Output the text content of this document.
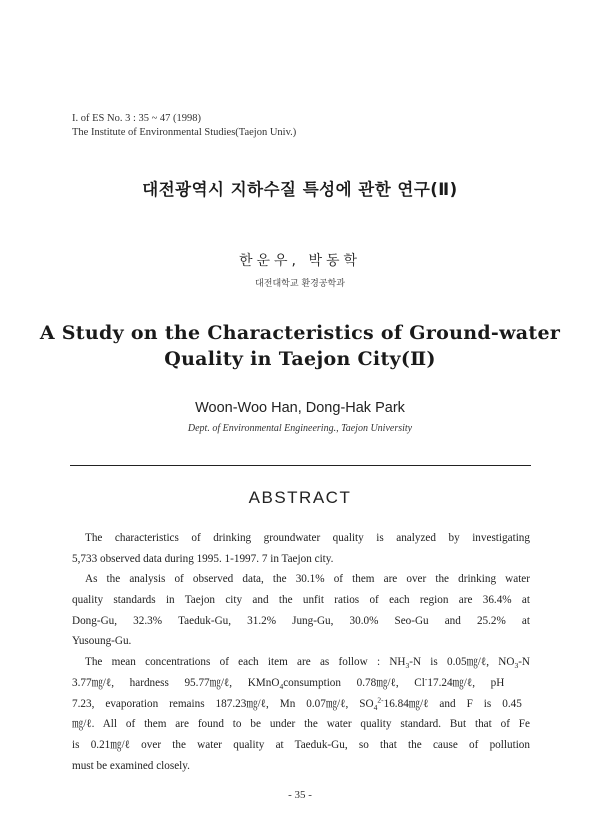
I. of ES No. 3 : 35 ~ 47 (1998)
The Institute of Environmental Studies(Taejon Univ.)
대전광역시 지하수질 특성에 관한 연구(Ⅱ)
한운우, 박동학
대전대학교 환경공학과
A Study on the Characteristics of Ground-water
Quality in Taejon City(Ⅱ)
Woon-Woo Han, Dong-Hak Park
Dept. of Environmental Engineering., Taejon University
ABSTRACT
The characteristics of drinking groundwater quality is analyzed by investigating
5,733 observed data during 1995. 1-1997. 7 in Taejon city.
As the analysis of observed data, the 30.1% of them are over the drinking water
quality standards in Taejon city and the unfit ratios of each region are 36.4% at
Dong-Gu, 32.3% Taeduk-Gu, 31.2% Jung-Gu, 30.0% Seo-Gu and 25.2% at
Yusoung-Gu.
The mean concentrations of each item are as follow : $NH_3-N$ is 0.05㎎/ℓ, $NO_3-N$
3.77㎎/ℓ, hardness 95.77㎎/ℓ, KMnO$_4$consumption 0.78㎎/ℓ, Cl-17.24㎎/ℓ, pH
7.23, evaporation remains 187.23㎎/ℓ, Mn 0.07㎎/ℓ, $SO_4^{2-}16.84㎎/\ell$ and F is 0.45
㎎/ℓ. All of them are found to be under the water quality standard. But that of Fe
is 0.21㎎/ℓ over the water quality at Taeduk-Gu, so that the cause of pollution
must be examined closely.
- 35 -
